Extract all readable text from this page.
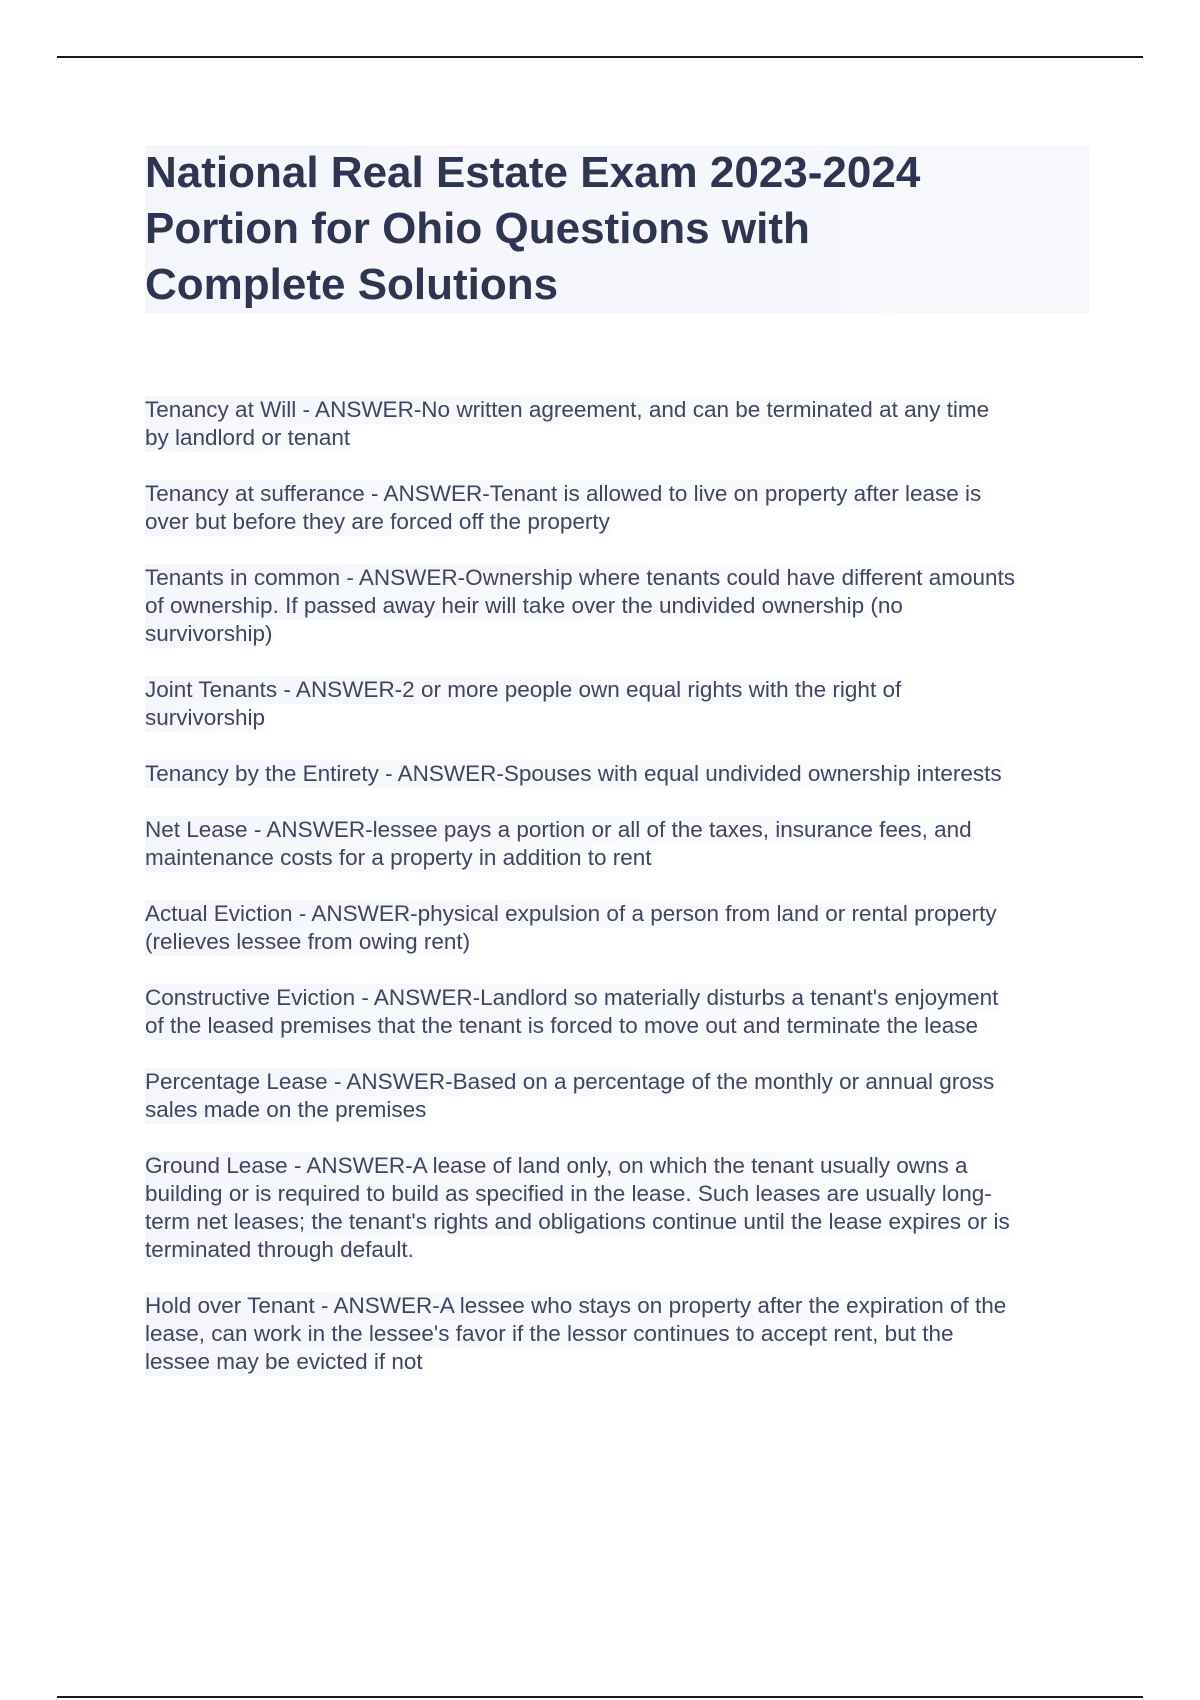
National Real Estate Exam 2023-2024
Portion for Ohio Questions with
Complete Solutions
Tenancy at Will - ANSWER-No written agreement, and can be terminated at any time
by landlord or tenant
Tenancy at sufferance - ANSWER-Tenant is allowed to live on property after lease is
over but before they are forced off the property
Tenants in common - ANSWER-Ownership where tenants could have different amounts
of ownership. If passed away heir will take over the undivided ownership (no
survivorship)
Joint Tenants - ANSWER-2 or more people own equal rights with the right of
survivorship
Tenancy by the Entirety - ANSWER-Spouses with equal undivided ownership interests
Net Lease - ANSWER-lessee pays a portion or all of the taxes, insurance fees, and
maintenance costs for a property in addition to rent
Actual Eviction - ANSWER-physical expulsion of a person from land or rental property
(relieves lessee from owing rent)
Constructive Eviction - ANSWER-Landlord so materially disturbs a tenant's enjoyment
of the leased premises that the tenant is forced to move out and terminate the lease
Percentage Lease - ANSWER-Based on a percentage of the monthly or annual gross
sales made on the premises
Ground Lease - ANSWER-A lease of land only, on which the tenant usually owns a
building or is required to build as specified in the lease. Such leases are usually long-
term net leases; the tenant's rights and obligations continue until the lease expires or is
terminated through default.
Hold over Tenant - ANSWER-A lessee who stays on property after the expiration of the
lease, can work in the lessee's favor if the lessor continues to accept rent, but the
lessee may be evicted if not
